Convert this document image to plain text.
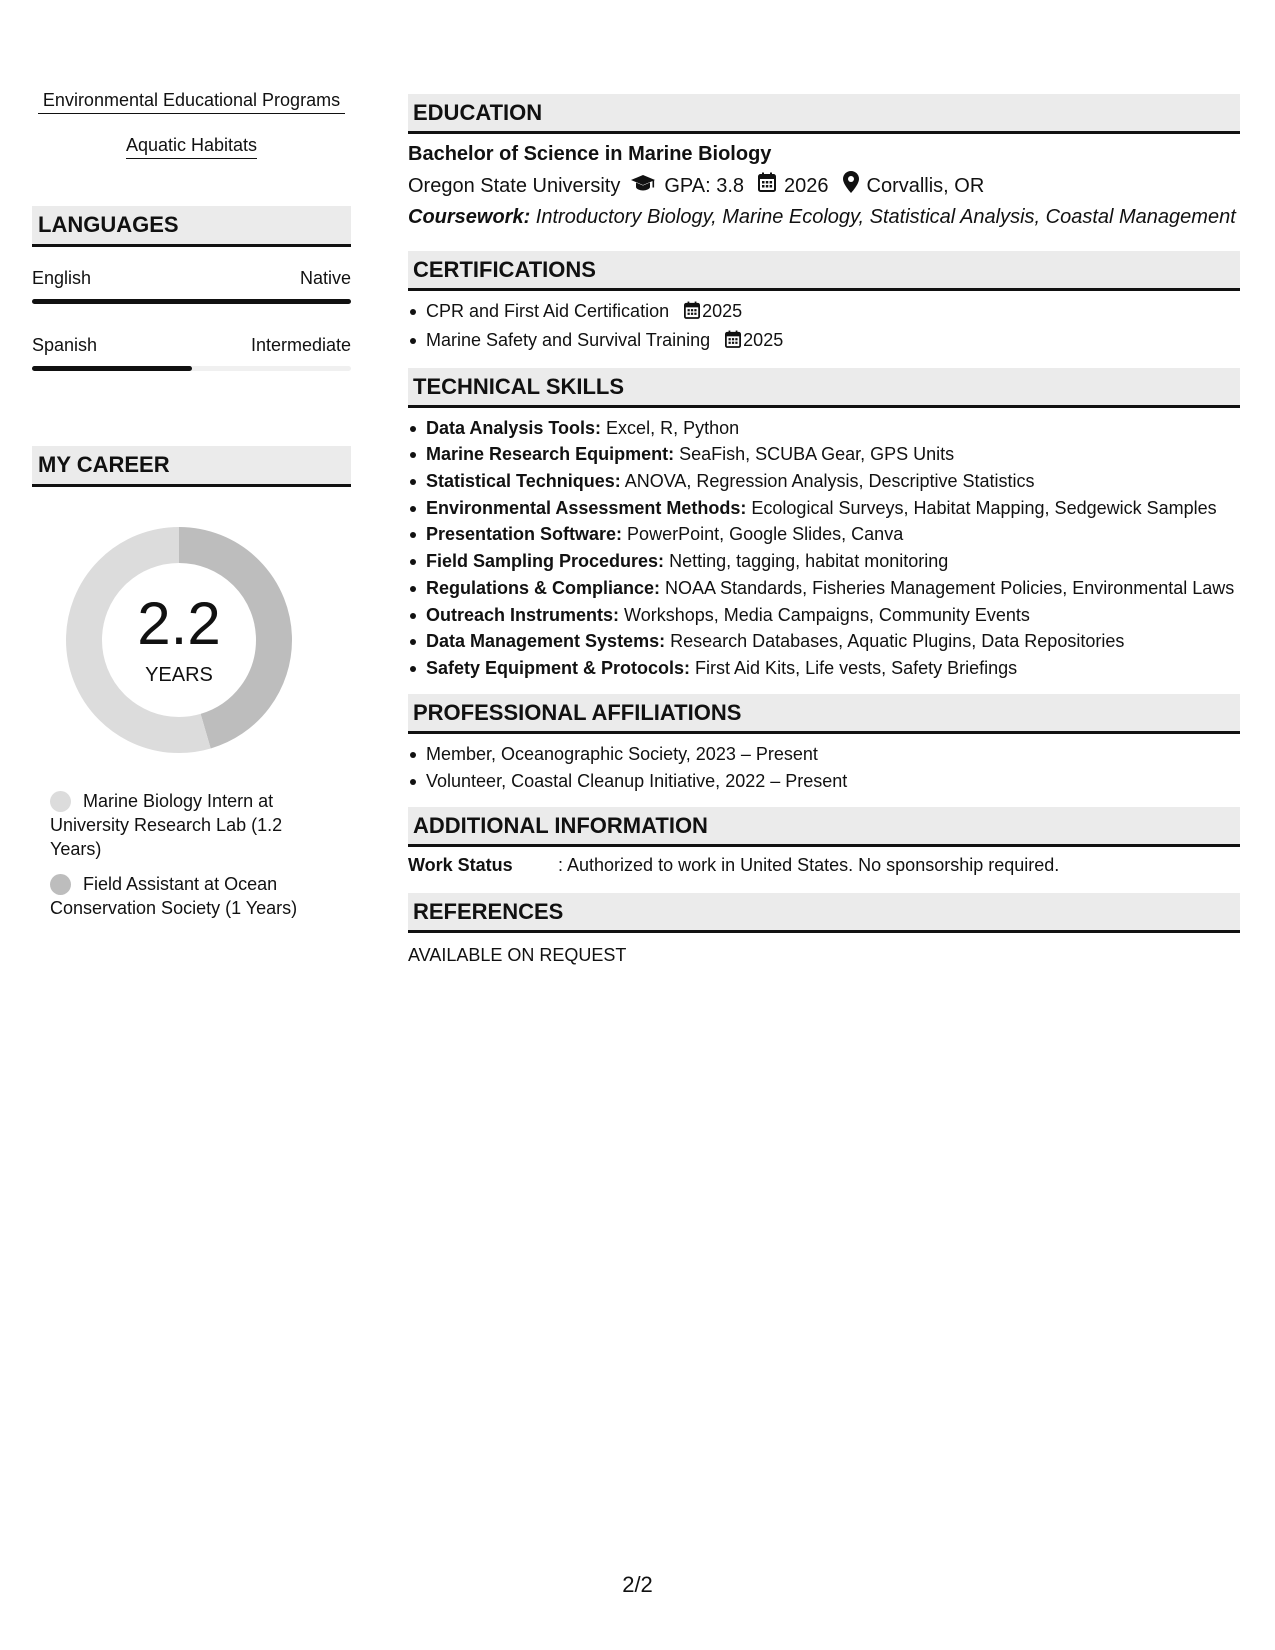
Environmental Educational Programs
Aquatic Habitats
LANGUAGES
English	Native
Spanish	Intermediate
MY CAREER
2.2
YEARS
Marine Biology Intern at University Research Lab (1.2 Years)
Field Assistant at Ocean Conservation Society (1 Years)
EDUCATION
Bachelor of Science in Marine Biology
Oregon State University GPA: 3.8 2026 Corvallis, OR
Coursework: Introductory Biology, Marine Ecology, Statistical Analysis, Coastal Management
CERTIFICATIONS
CPR and First Aid Certification 2025
Marine Safety and Survival Training 2025
TECHNICAL SKILLS
Data Analysis Tools: Excel, R, Python
Marine Research Equipment: SeaFish, SCUBA Gear, GPS Units
Statistical Techniques: ANOVA, Regression Analysis, Descriptive Statistics
Environmental Assessment Methods: Ecological Surveys, Habitat Mapping, Sedgewick Samples
Presentation Software: PowerPoint, Google Slides, Canva
Field Sampling Procedures: Netting, tagging, habitat monitoring
Regulations & Compliance: NOAA Standards, Fisheries Management Policies, Environmental Laws
Outreach Instruments: Workshops, Media Campaigns, Community Events
Data Management Systems: Research Databases, Aquatic Plugins, Data Repositories
Safety Equipment & Protocols: First Aid Kits, Life vests, Safety Briefings
PROFESSIONAL AFFILIATIONS
Member, Oceanographic Society, 2023 – Present
Volunteer, Coastal Cleanup Initiative, 2022 – Present
ADDITIONAL INFORMATION
Work Status	: Authorized to work in United States. No sponsorship required.
REFERENCES
AVAILABLE ON REQUEST
2/2
